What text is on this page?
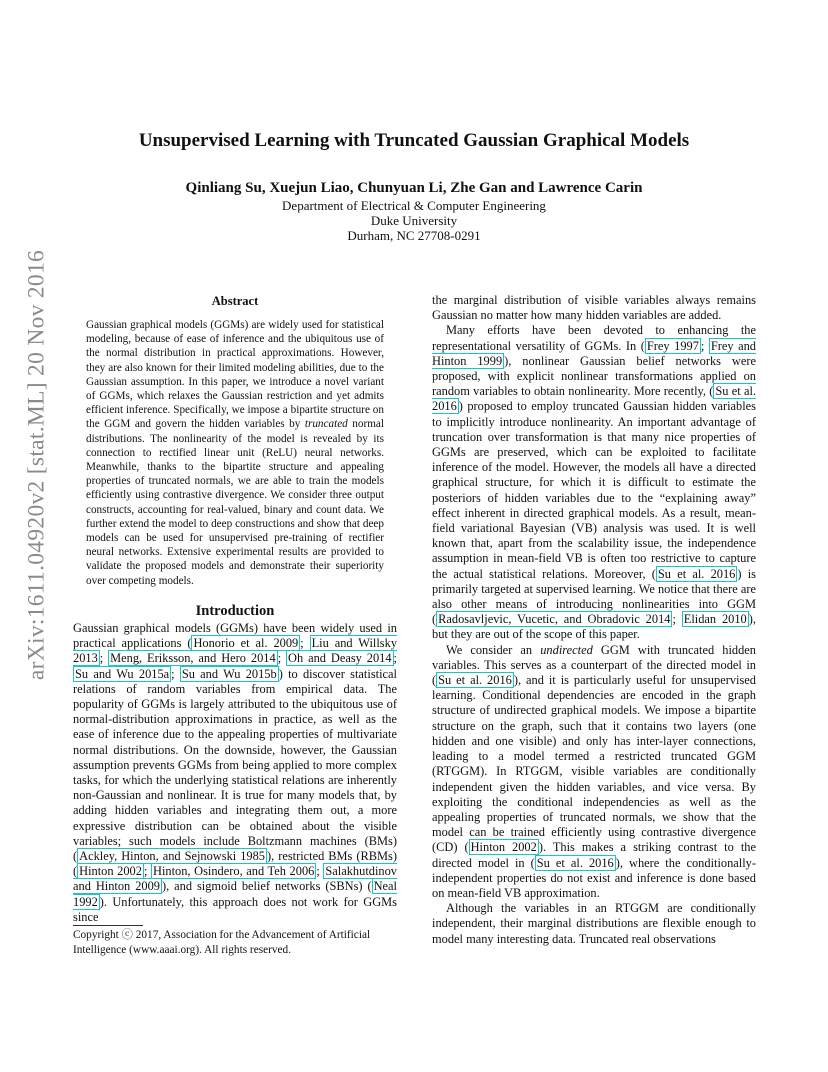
arXiv:1611.04920v2 [stat.ML] 20 Nov 2016
Unsupervised Learning with Truncated Gaussian Graphical Models
Qinliang Su, Xuejun Liao, Chunyuan Li, Zhe Gan and Lawrence Carin
Department of Electrical & Computer Engineering
Duke University
Durham, NC 27708-0291
Abstract
Gaussian graphical models (GGMs) are widely used for statistical modeling, because of ease of inference and the ubiquitous use of the normal distribution in practical approximations. However, they are also known for their limited modeling abilities, due to the Gaussian assumption. In this paper, we introduce a novel variant of GGMs, which relaxes the Gaussian restriction and yet admits efficient inference. Specifically, we impose a bipartite structure on the GGM and govern the hidden variables by truncated normal distributions. The nonlinearity of the model is revealed by its connection to rectified linear unit (ReLU) neural networks. Meanwhile, thanks to the bipartite structure and appealing properties of truncated normals, we are able to train the models efficiently using contrastive divergence. We consider three output constructs, accounting for real-valued, binary and count data. We further extend the model to deep constructions and show that deep models can be used for unsupervised pre-training of rectifier neural networks. Extensive experimental results are provided to validate the proposed models and demonstrate their superiority over competing models.
Introduction

Gaussian graphical models (GGMs) have been widely used in practical applications ( Honorio et al. 2009 ; Liu and Willsky 2013 ; Meng, Eriksson, and Hero 2014 ; Oh and Deasy 2014 ; Su and Wu 2015a ; Su and Wu 2015b ) to discover statistical relations of random variables from empirical data. The popularity of GGMs is largely attributed to the ubiquitous use of normal-distribution approximations in practice, as well as the ease of inference due to the appealing properties of multivariate normal distributions. On the downside, however, the Gaussian assumption prevents GGMs from being applied to more complex tasks, for which the underlying statistical relations are inherently non-Gaussian and nonlinear. It is true for many models that, by adding hidden variables and integrating them out, a more expressive distribution can be obtained about the visible variables; such models include Boltzmann machines (BMs) ( Ackley, Hinton, and Sejnowski 1985 ), restricted BMs (RBMs) ( Hinton 2002 ; Hinton, Osindero, and Teh 2006 ; Salakhutdinov and Hinton 2009 ), and sigmoid belief networks (SBNs) ( Neal 1992 ). Unfortunately, this approach does not work for GGMs since

Copyright ⓒ 2017, Association for the Advancement of Artificial
Intelligence (www.aaai.org). All rights reserved.

the marginal distribution of visible variables always remains Gaussian no matter how many hidden variables are added.

Many efforts have been devoted to enhancing the representational versatility of GGMs. In ( Frey 1997 ; Frey and Hinton 1999 ), nonlinear Gaussian belief networks were proposed, with explicit nonlinear transformations applied on random variables to obtain nonlinearity. More recently, ( Su et al. 2016 ) proposed to employ truncated Gaussian hidden variables to implicitly introduce nonlinearity. An important advantage of truncation over transformation is that many nice properties of GGMs are preserved, which can be exploited to facilitate inference of the model. However, the models all have a directed graphical structure, for which it is difficult to estimate the posteriors of hidden variables due to the “explaining away” effect inherent in directed graphical models. As a result, mean-field variational Bayesian (VB) analysis was used. It is well known that, apart from the scalability issue, the independence assumption in mean-field VB is often too restrictive to capture the actual statistical relations. Moreover, ( Su et al. 2016 ) is primarily targeted at supervised learning. We notice that there are also other means of introducing nonlinearities into GGM ( Radosavljevic, Vucetic, and Obradovic 2014 ; Elidan 2010 ), but they are out of the scope of this paper.

We consider an undirected GGM with truncated hidden variables. This serves as a counterpart of the directed model in ( Su et al. 2016 ), and it is particularly useful for unsupervised learning. Conditional dependencies are encoded in the graph structure of undirected graphical models. We impose a bipartite structure on the graph, such that it contains two layers (one hidden and one visible) and only has inter-layer connections, leading to a model termed a restricted truncated GGM (RTGGM). In RTGGM, visible variables are conditionally independent given the hidden variables, and vice versa. By exploiting the conditional independencies as well as the appealing properties of truncated normals, we show that the model can be trained efficiently using contrastive divergence (CD) ( Hinton 2002 ). This makes a striking contrast to the directed model in ( Su et al. 2016 ), where the conditionally-independent properties do not exist and inference is done based on mean-field VB approximation.

Although the variables in an RTGGM are conditionally independent, their marginal distributions are flexible enough to model many interesting data. Truncated real observations
